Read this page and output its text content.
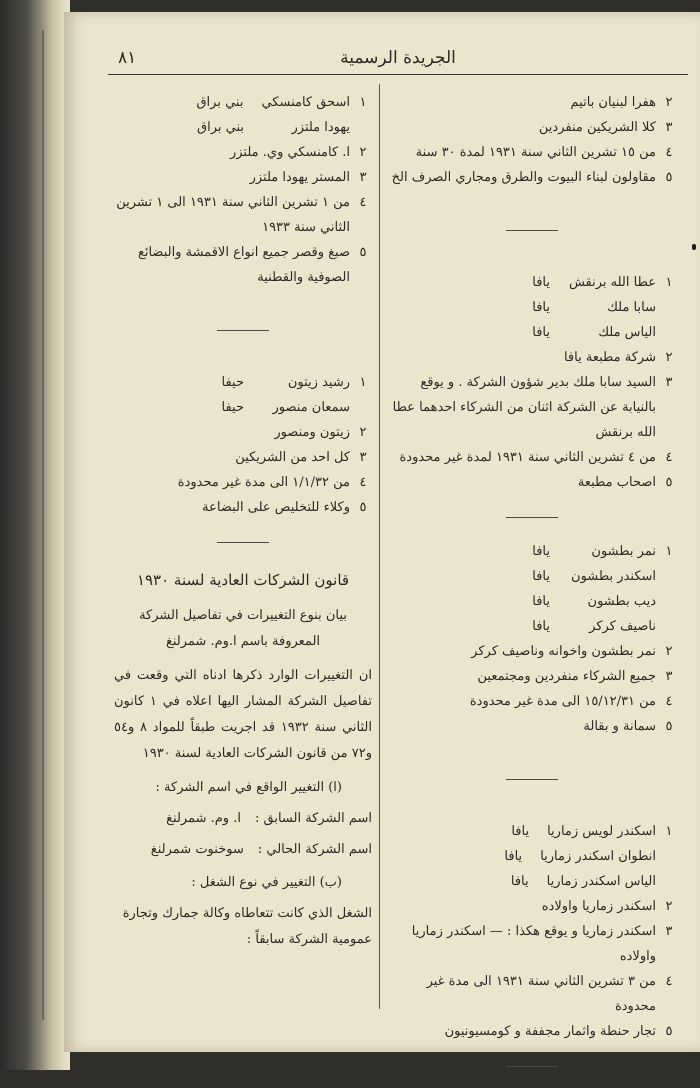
٨١	الجريدة الرسمية
٢
هفرا لبنيان باتيم
٣
كلا الشريكين منفردين
٤
من ١٥ تشرين الثاني سنة ١٩٣١ لمدة ٣٠ سنة
٥
مقاولون لبناء البيوت والطرق ومجاري الصرف الخ
١
عطا الله برنقش
يافا
سابا ملك
يافا
الياس ملك
يافا
٢
شركة مطبعة يافا
٣
السيد سابا ملك بدير شؤون الشركة . و يوقع بالنيابة عن الشركة اثنان من الشركاء احدهما عطا الله برنقش
٤
من ٤ تشرين الثاني سنة ١٩٣١ لمدة غير محدودة
٥
اصحاب مطبعة
١
نمر بطشون
يافا
اسكندر بطشون
يافا
ديب بطشون
يافا
ناصيف كركر
يافا
٢
نمر بطشون واخوانه وناصيف كركر
٣
جميع الشركاء منفردين ومجتمعين
٤
من ١٥/١٢/٣١ الى مدة غير محدودة
٥
سمانة و بقالة
١
اسكندر لويس زماريا
يافا
انطوان اسكندر زماريا
يافا
الياس اسكندر زماريا
يافا
٢
اسكندر زماريا واولاده
٣
اسكندر زماريا و يوقع هكذا : — اسكندر زماريا واولاده
٤
من ٣ تشرين الثاني سنة ١٩٣١ الى مدة غير محدودة
٥
تجار حنطة واثمار مجففة و كومسيونيون
١
اسحق كامنسكي
بني براق
يهودا ملتزر
بني براق
٢
ا. كامنسكي وي. ملتزر
٣
المستر يهودا ملتزر
٤
من ١ تشرين الثاني سنة ١٩٣١ الى ١ تشرين الثاني سنة ١٩٣٣
٥
صبغ وقصر جميع انواع الاقمشة والبضائع الصوفية والقطنية
١
رشيد زيتون
حيفا
سمعان منصور
حيفا
٢
زيتون ومنصور
٣
كل احد من الشريكين
٤
من ١/١/٣٢ الى مدة غير محدودة
٥
وكلاء للتخليص على البضاعة
قانون الشركات العادية لسنة ١٩٣٠
بيان بنوع التغييرات في تفاصيل الشركة المعروفة باسم ا.وم. شمرلنغ
ان التغييرات الوارد ذكرها ادناه التي وقعت في تفاصيل الشركة المشار اليها اعلاه في ١ كانون الثاني سنة ١٩٣٢ قد اجريت طبقاً للمواد ٨ و٥٤ و٧٢ من قانون الشركات العادية لسنة ١٩٣٠
(ا) التغيير الواقع في اسم الشركة :
اسم الشركة السابق :
ا. وم. شمرلنغ
اسم الشركة الحالي :
سوخنوت شمرلنغ
(ب) التغيير في نوع الشغل :
الشغل الذي كانت تتعاطاه وكالة جمارك وتجارة عمومية الشركة سابقاً :
